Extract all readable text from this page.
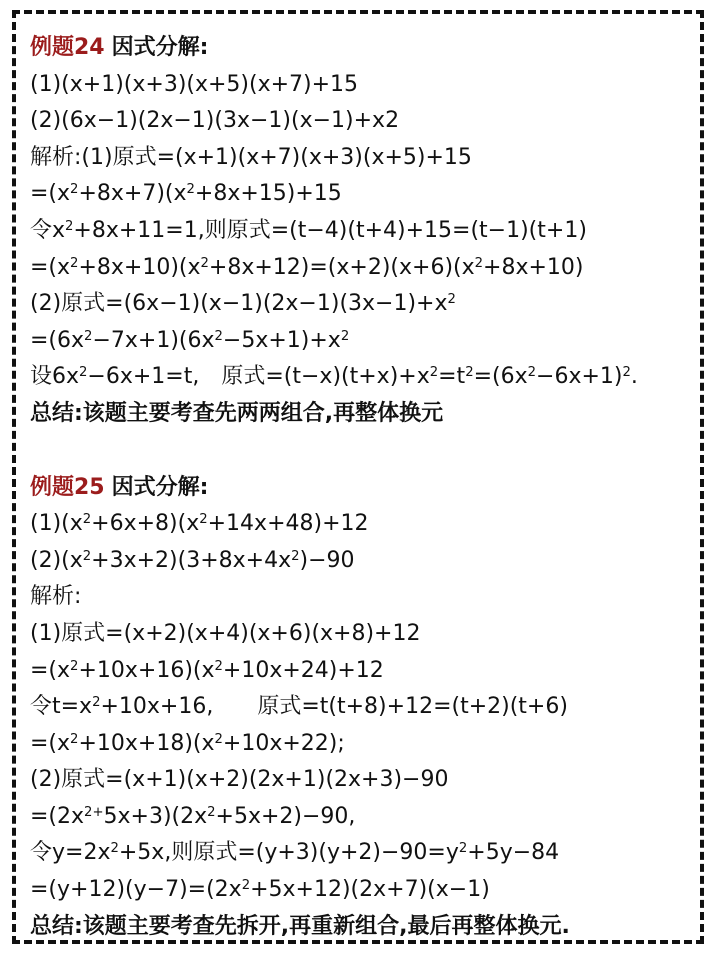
例题24 因式分解:
(1)(x+1)(x+3)(x+5)(x+7)+15
(2)(6x−1)(2x−1)(3x−1)(x−1)+x2
解析:(1)原式=(x+1)(x+7)(x+3)(x+5)+15
$=(x^2+8x+7)(x^2+8x+15)+15$
令$x^2+8x+11=1$,则原式=(t−4)(t+4)+15=(t−1)(t+1)
$=(x^2+8x+10)(x^2+8x+12)=(x+2)(x+6)(x^2+8x+10)$
(2)原式$=(6x-1)(x-1)(2x-1)(3x-1)+x^2$
$=(6x^2-7x+1)(6x^2-5x+1)+x^2$
设$6x^2-6x+1=t$,　原式$=(t-x)(t+x)+x^2=t^2=(6x^2-6x+1)^2$.
总结:该题主要考查先两两组合,再整体换元
例题25 因式分解:
$(1)(x^2+6x+8)(x^2+14x+48)+12$
$(2)(x^2+3x+2)(3+8x+4x^2)-90$
解析:
(1)原式=(x+2)(x+4)(x+6)(x+8)+12
$=(x^2+10x+16)(x^2+10x+24)+12$
令$t=x^2+10x+16$,　　原式=t(t+8)+12=(t+2)(t+6)
$=(x^2+10x+18)(x^2+10x+22)$;
(2)原式=(x+1)(x+2)(2x+1)(2x+3)−90
$=(2x^{2+}5x+3)(2x^2+5x+2)-90$,
令$y=2x^2+5x$,则原式$=(y+3)(y+2)-90=y^2+5y-84$
$=(y+12)(y-7)=(2x^2+5x+12)(2x+7)(x-1)$
总结:该题主要考查先拆开,再重新组合,最后再整体换元.
